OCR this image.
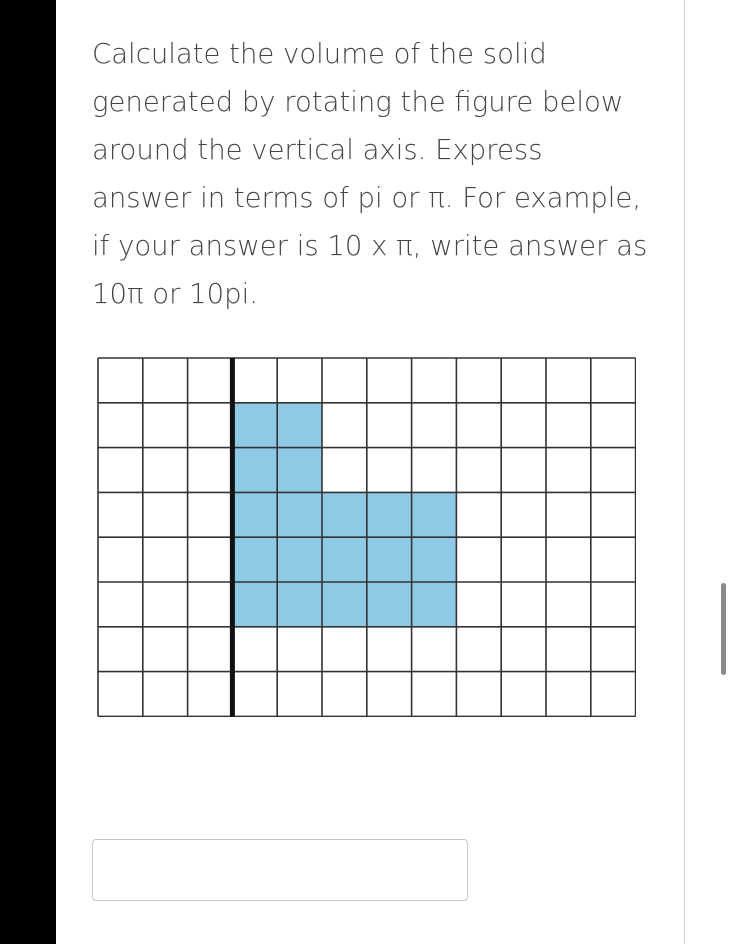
Calculate the volume of the solid
generated by rotating the figure below
around the vertical axis. Express
answer in terms of pi or π. For example,
if your answer is 10 x π, write answer as
10π or 10pi.
